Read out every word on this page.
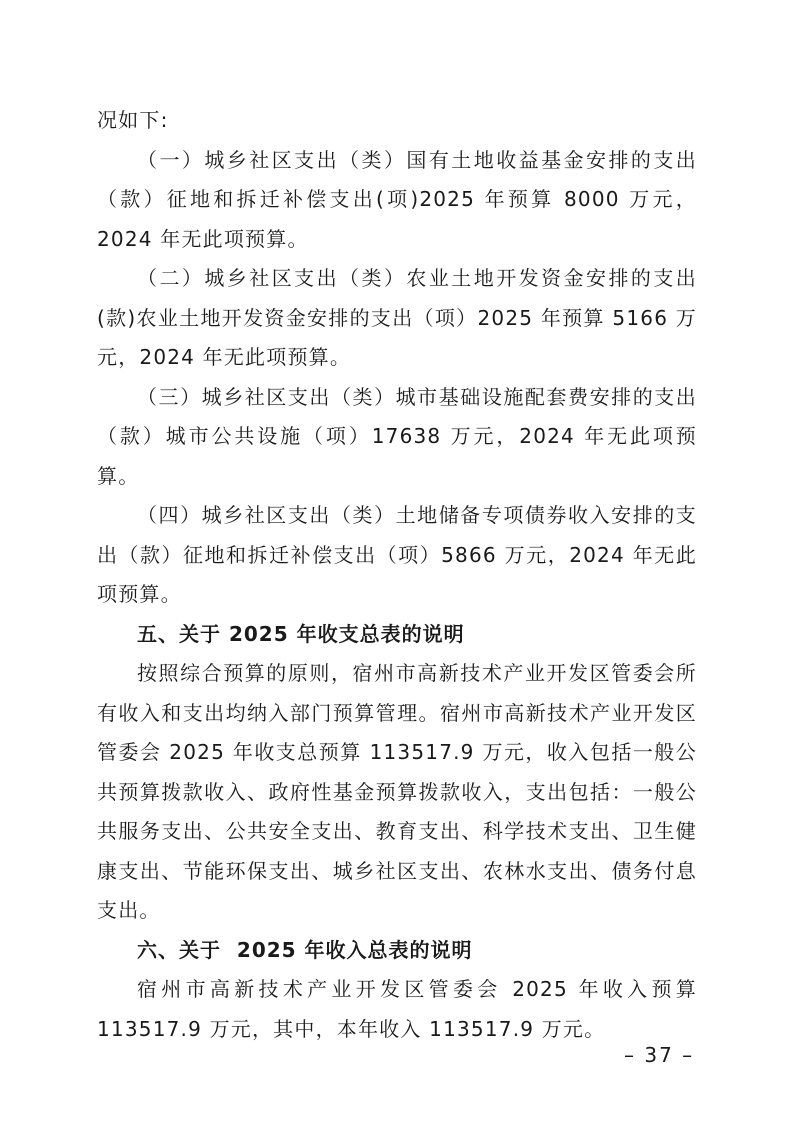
况如下:

（一）城乡社区支出（类）国有土地收益基金安排的支出（款）征地和拆迁补偿支出(项)2025 年预算 8000 万元，2024 年无此项预算。

（二）城乡社区支出（类）农业土地开发资金安排的支出(款)农业土地开发资金安排的支出（项）2025 年预算 5166 万元，2024 年无此项预算。

（三）城乡社区支出（类）城市基础设施配套费安排的支出（款）城市公共设施（项）17638 万元，2024 年无此项预算。

（四）城乡社区支出（类）土地储备专项债券收入安排的支出（款）征地和拆迁补偿支出（项）5866 万元，2024 年无此项预算。

五、关于 2025 年收支总表的说明

按照综合预算的原则，宿州市高新技术产业开发区管委会所有收入和支出均纳入部门预算管理。宿州市高新技术产业开发区管委会 2025 年收支总预算 113517.9 万元，收入包括一般公共预算拨款收入、政府性基金预算拨款收入，支出包括：一般公共服务支出、公共安全支出、教育支出、科学技术支出、卫生健康支出、节能环保支出、城乡社区支出、农林水支出、债务付息支出。

六、关于  2025 年收入总表的说明

宿州市高新技术产业开发区管委会 2025 年收入预算 113517.9 万元，其中，本年收入 113517.9 万元。

– 37 –
